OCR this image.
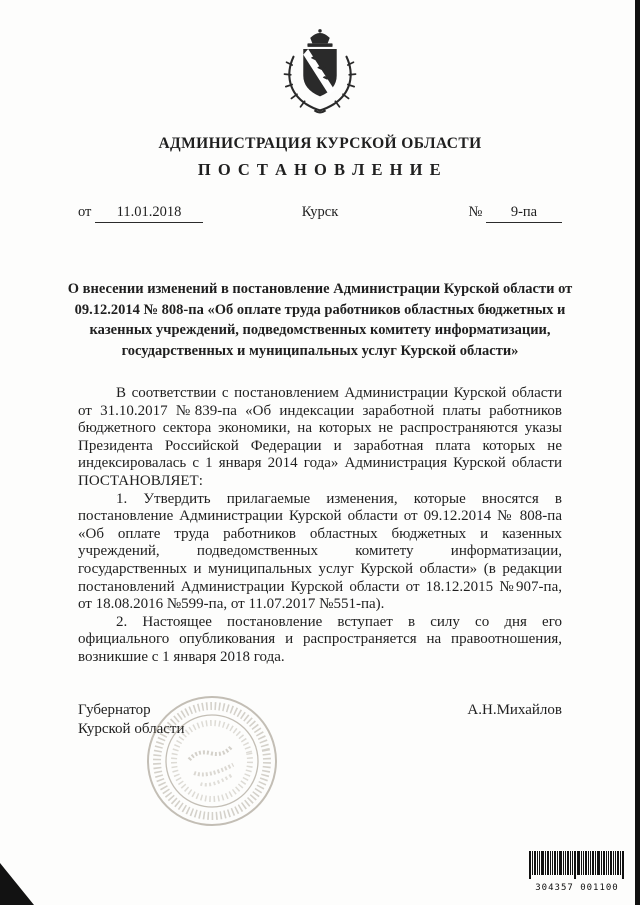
АДМИНИСТРАЦИЯ КУРСКОЙ ОБЛАСТИ
П О С Т А Н О В Л Е Н И Е
от 11.01.2018	Курск	№ 9-па
О внесении изменений в постановление Администрации Курской области от 09.12.2014 № 808-па «Об оплате труда работников областных бюджетных и казенных учреждений, подведомственных комитету информатизации, государственных и муниципальных услуг Курской области»

В соответствии с постановлением Администрации Курской области от 31.10.2017 №839-па «Об индексации заработной платы работников бюджетного сектора экономики, на которых не распространяются указы Президента Российской Федерации и заработная плата которых не индексировалась с 1 января 2014 года» Администрация Курской области ПОСТАНОВЛЯЕТ:

1. Утвердить прилагаемые изменения, которые вносятся в постановление Администрации Курской области от 09.12.2014 № 808-па «Об оплате труда работников областных бюджетных и казенных учреждений, подведомственных комитету информатизации, государственных и муниципальных услуг Курской области» (в редакции постановлений Администрации Курской области от 18.12.2015 №907-па, от 18.08.2016 №599-па, от 11.07.2017 №551-па).

2. Настоящее постановление вступает в силу со дня его официального опубликования и распространяется на правоотношения, возникшие с 1 января 2018 года.

Губернатор
Курской области
А.Н.Михайлов
304357 001100
